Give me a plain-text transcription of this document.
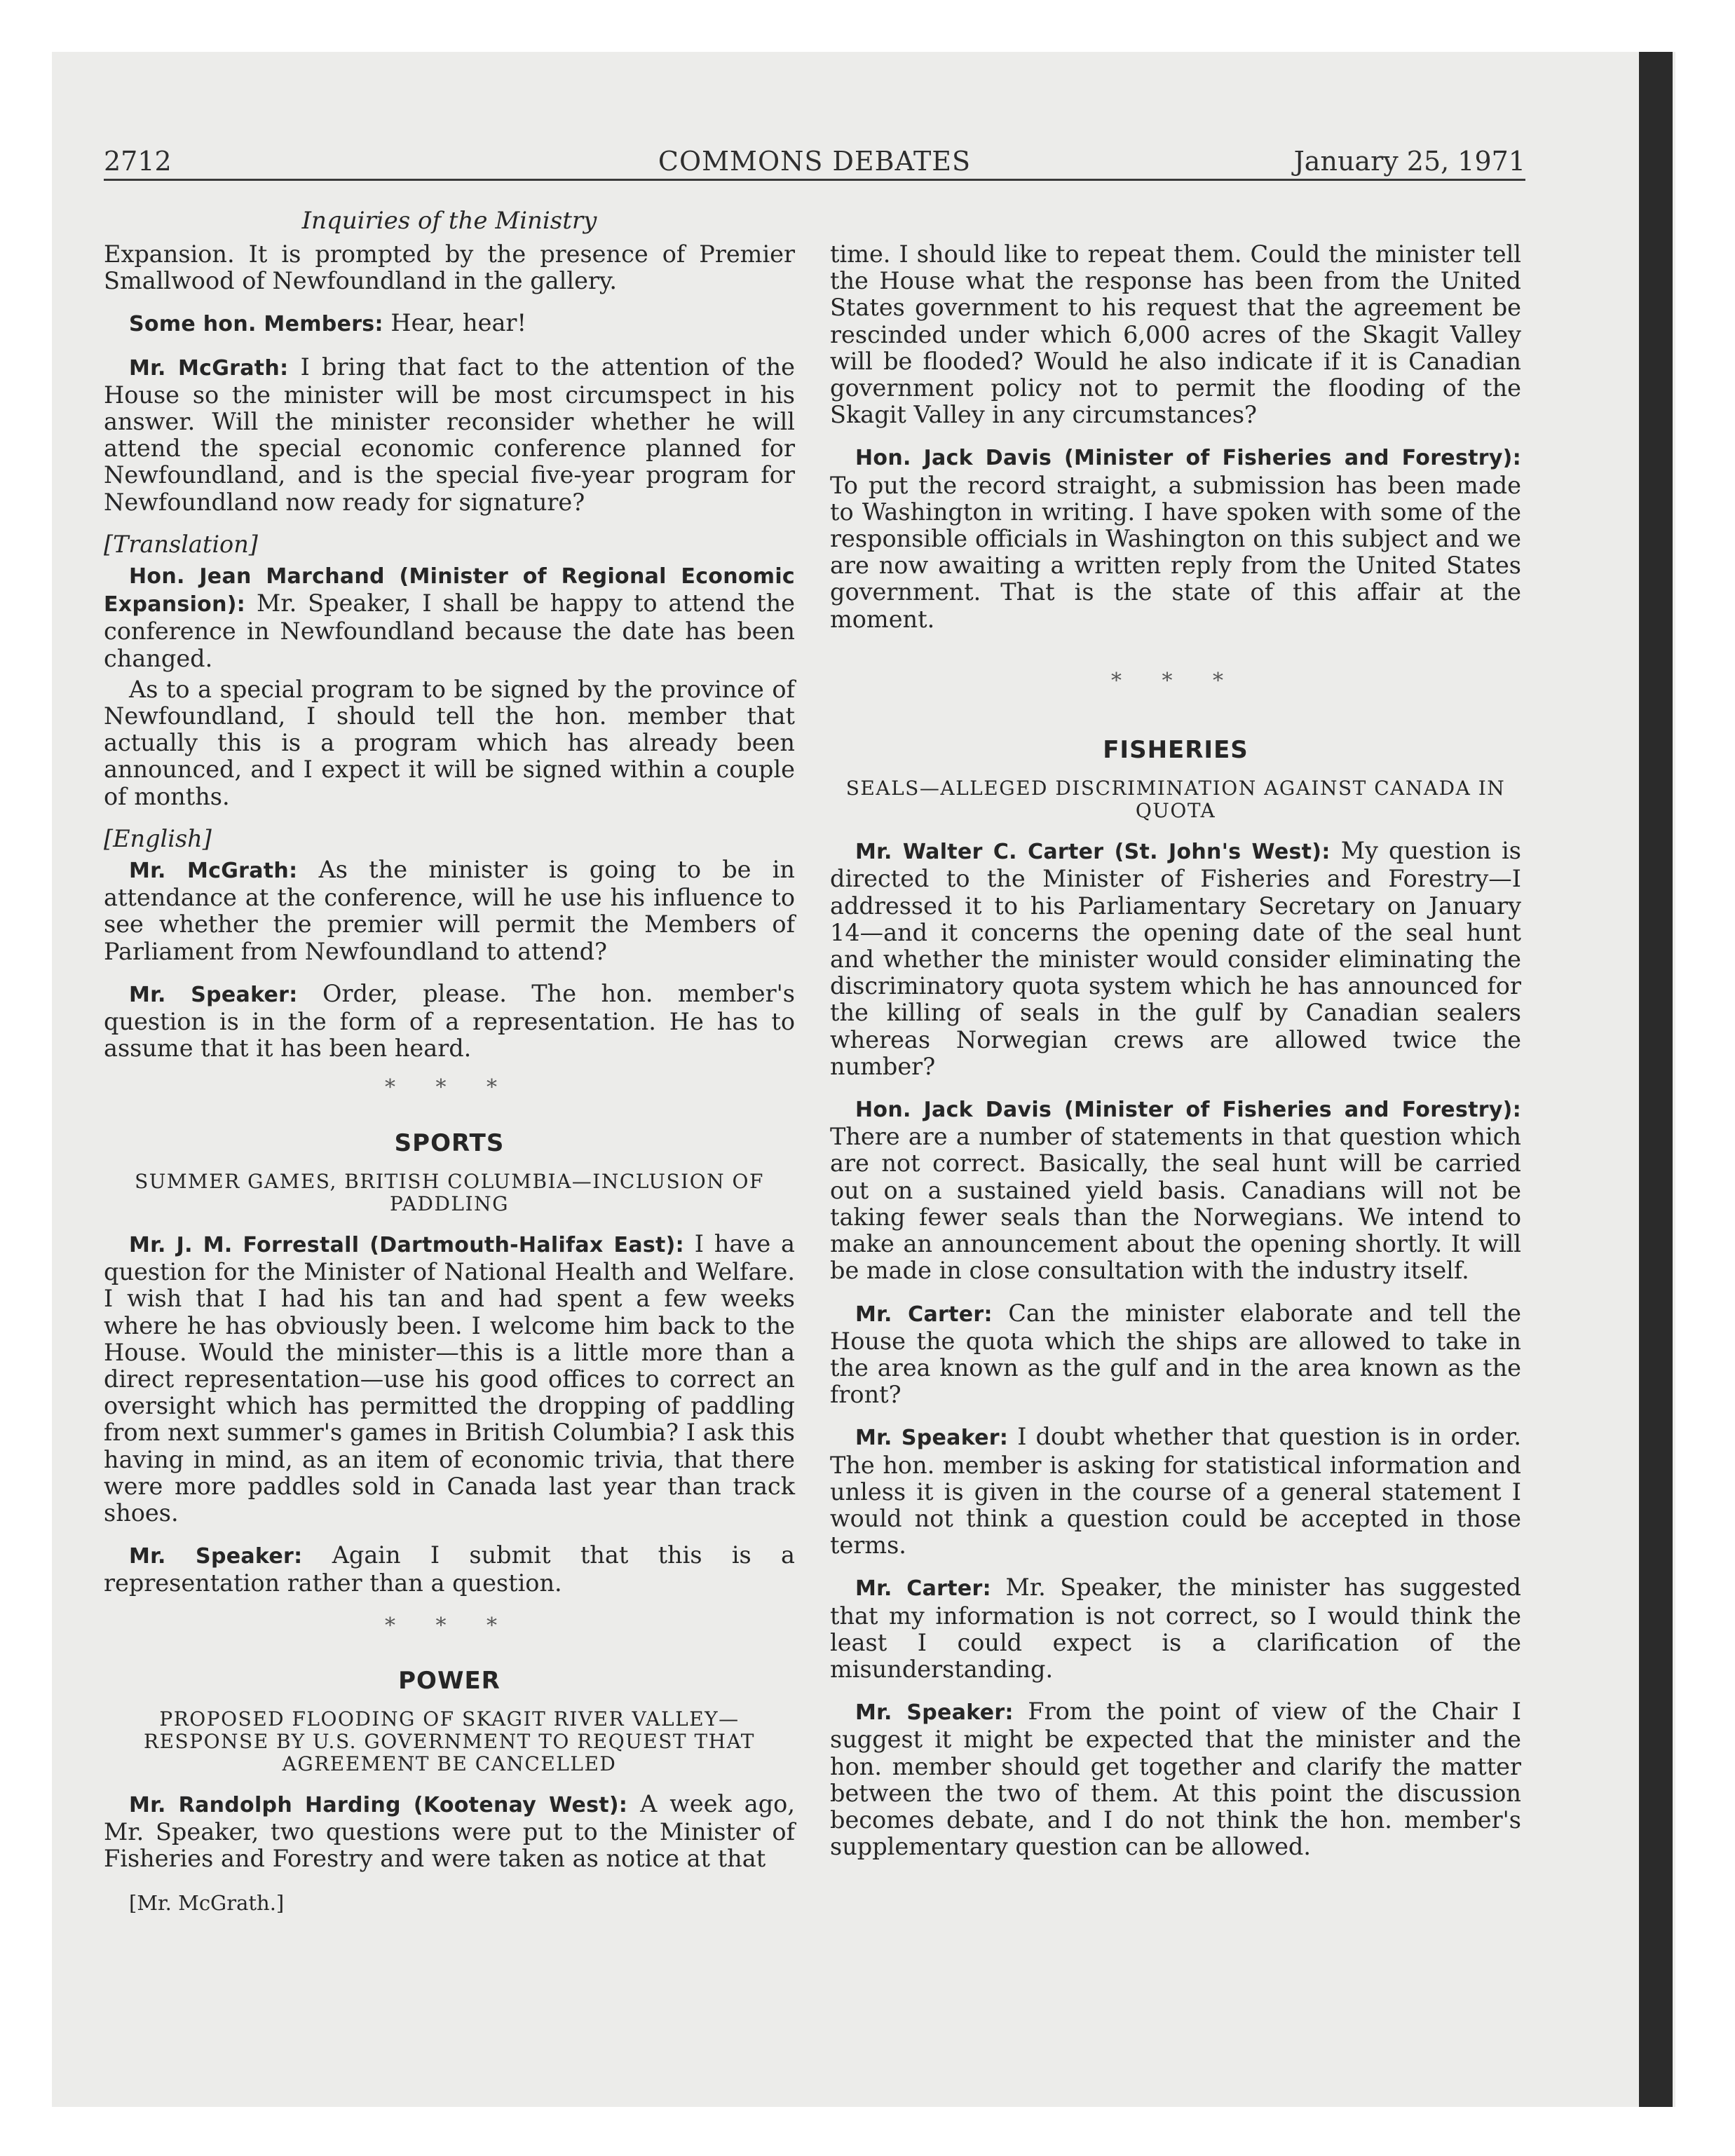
2712	COMMONS DEBATES	January 25, 1971
Inquiries of the Ministry

Expansion. It is prompted by the presence of Premier Smallwood of Newfoundland in the gallery.

Some hon. Members: Hear, hear!

Mr. McGrath: I bring that fact to the attention of the House so the minister will be most circumspect in his answer. Will the minister reconsider whether he will attend the special economic conference planned for Newfoundland, and is the special five-year program for Newfoundland now ready for signature?

[Translation]

Hon. Jean Marchand (Minister of Regional Economic Expansion): Mr. Speaker, I shall be happy to attend the conference in Newfoundland because the date has been changed.

As to a special program to be signed by the province of Newfoundland, I should tell the hon. member that actually this is a program which has already been announced, and I expect it will be signed within a couple of months.

[English]

Mr. McGrath: As the minister is going to be in attendance at the conference, will he use his influence to see whether the premier will permit the Members of Parliament from Newfoundland to attend?

Mr. Speaker: Order, please. The hon. member's question is in the form of a representation. He has to assume that it has been heard.

* * *
SPORTS
SUMMER GAMES, BRITISH COLUMBIA—INCLUSION OF PADDLING

Mr. J. M. Forrestall (Dartmouth-Halifax East): I have a question for the Minister of National Health and Welfare. I wish that I had his tan and had spent a few weeks where he has obviously been. I welcome him back to the House. Would the minister—this is a little more than a direct representation—use his good offices to correct an oversight which has permitted the dropping of paddling from next summer's games in British Columbia? I ask this having in mind, as an item of economic trivia, that there were more paddles sold in Canada last year than track shoes.

Mr. Speaker: Again I submit that this is a representation rather than a question.

* * *
POWER
PROPOSED FLOODING OF SKAGIT RIVER VALLEY—RESPONSE BY U.S. GOVERNMENT TO REQUEST THAT AGREEMENT BE CANCELLED

Mr. Randolph Harding (Kootenay West): A week ago, Mr. Speaker, two questions were put to the Minister of Fisheries and Forestry and were taken as notice at that

[Mr. McGrath.]

time. I should like to repeat them. Could the minister tell the House what the response has been from the United States government to his request that the agreement be rescinded under which 6,000 acres of the Skagit Valley will be flooded? Would he also indicate if it is Canadian government policy not to permit the flooding of the Skagit Valley in any circumstances?

Hon. Jack Davis (Minister of Fisheries and Forestry): To put the record straight, a submission has been made to Washington in writing. I have spoken with some of the responsible officials in Washington on this subject and we are now awaiting a written reply from the United States government. That is the state of this affair at the moment.

* * *
FISHERIES
SEALS—ALLEGED DISCRIMINATION AGAINST CANADA IN QUOTA

Mr. Walter C. Carter (St. John's West): My question is directed to the Minister of Fisheries and Forestry—I addressed it to his Parliamentary Secretary on January 14—and it concerns the opening date of the seal hunt and whether the minister would consider eliminating the discriminatory quota system which he has announced for the killing of seals in the gulf by Canadian sealers whereas Norwegian crews are allowed twice the number?

Hon. Jack Davis (Minister of Fisheries and Forestry): There are a number of statements in that question which are not correct. Basically, the seal hunt will be carried out on a sustained yield basis. Canadians will not be taking fewer seals than the Norwegians. We intend to make an announcement about the opening shortly. It will be made in close consultation with the industry itself.

Mr. Carter: Can the minister elaborate and tell the House the quota which the ships are allowed to take in the area known as the gulf and in the area known as the front?

Mr. Speaker: I doubt whether that question is in order. The hon. member is asking for statistical information and unless it is given in the course of a general statement I would not think a question could be accepted in those terms.

Mr. Carter: Mr. Speaker, the minister has suggested that my information is not correct, so I would think the least I could expect is a clarification of the misunderstanding.

Mr. Speaker: From the point of view of the Chair I suggest it might be expected that the minister and the hon. member should get together and clarify the matter between the two of them. At this point the discussion becomes debate, and I do not think the hon. member's supplementary question can be allowed.
